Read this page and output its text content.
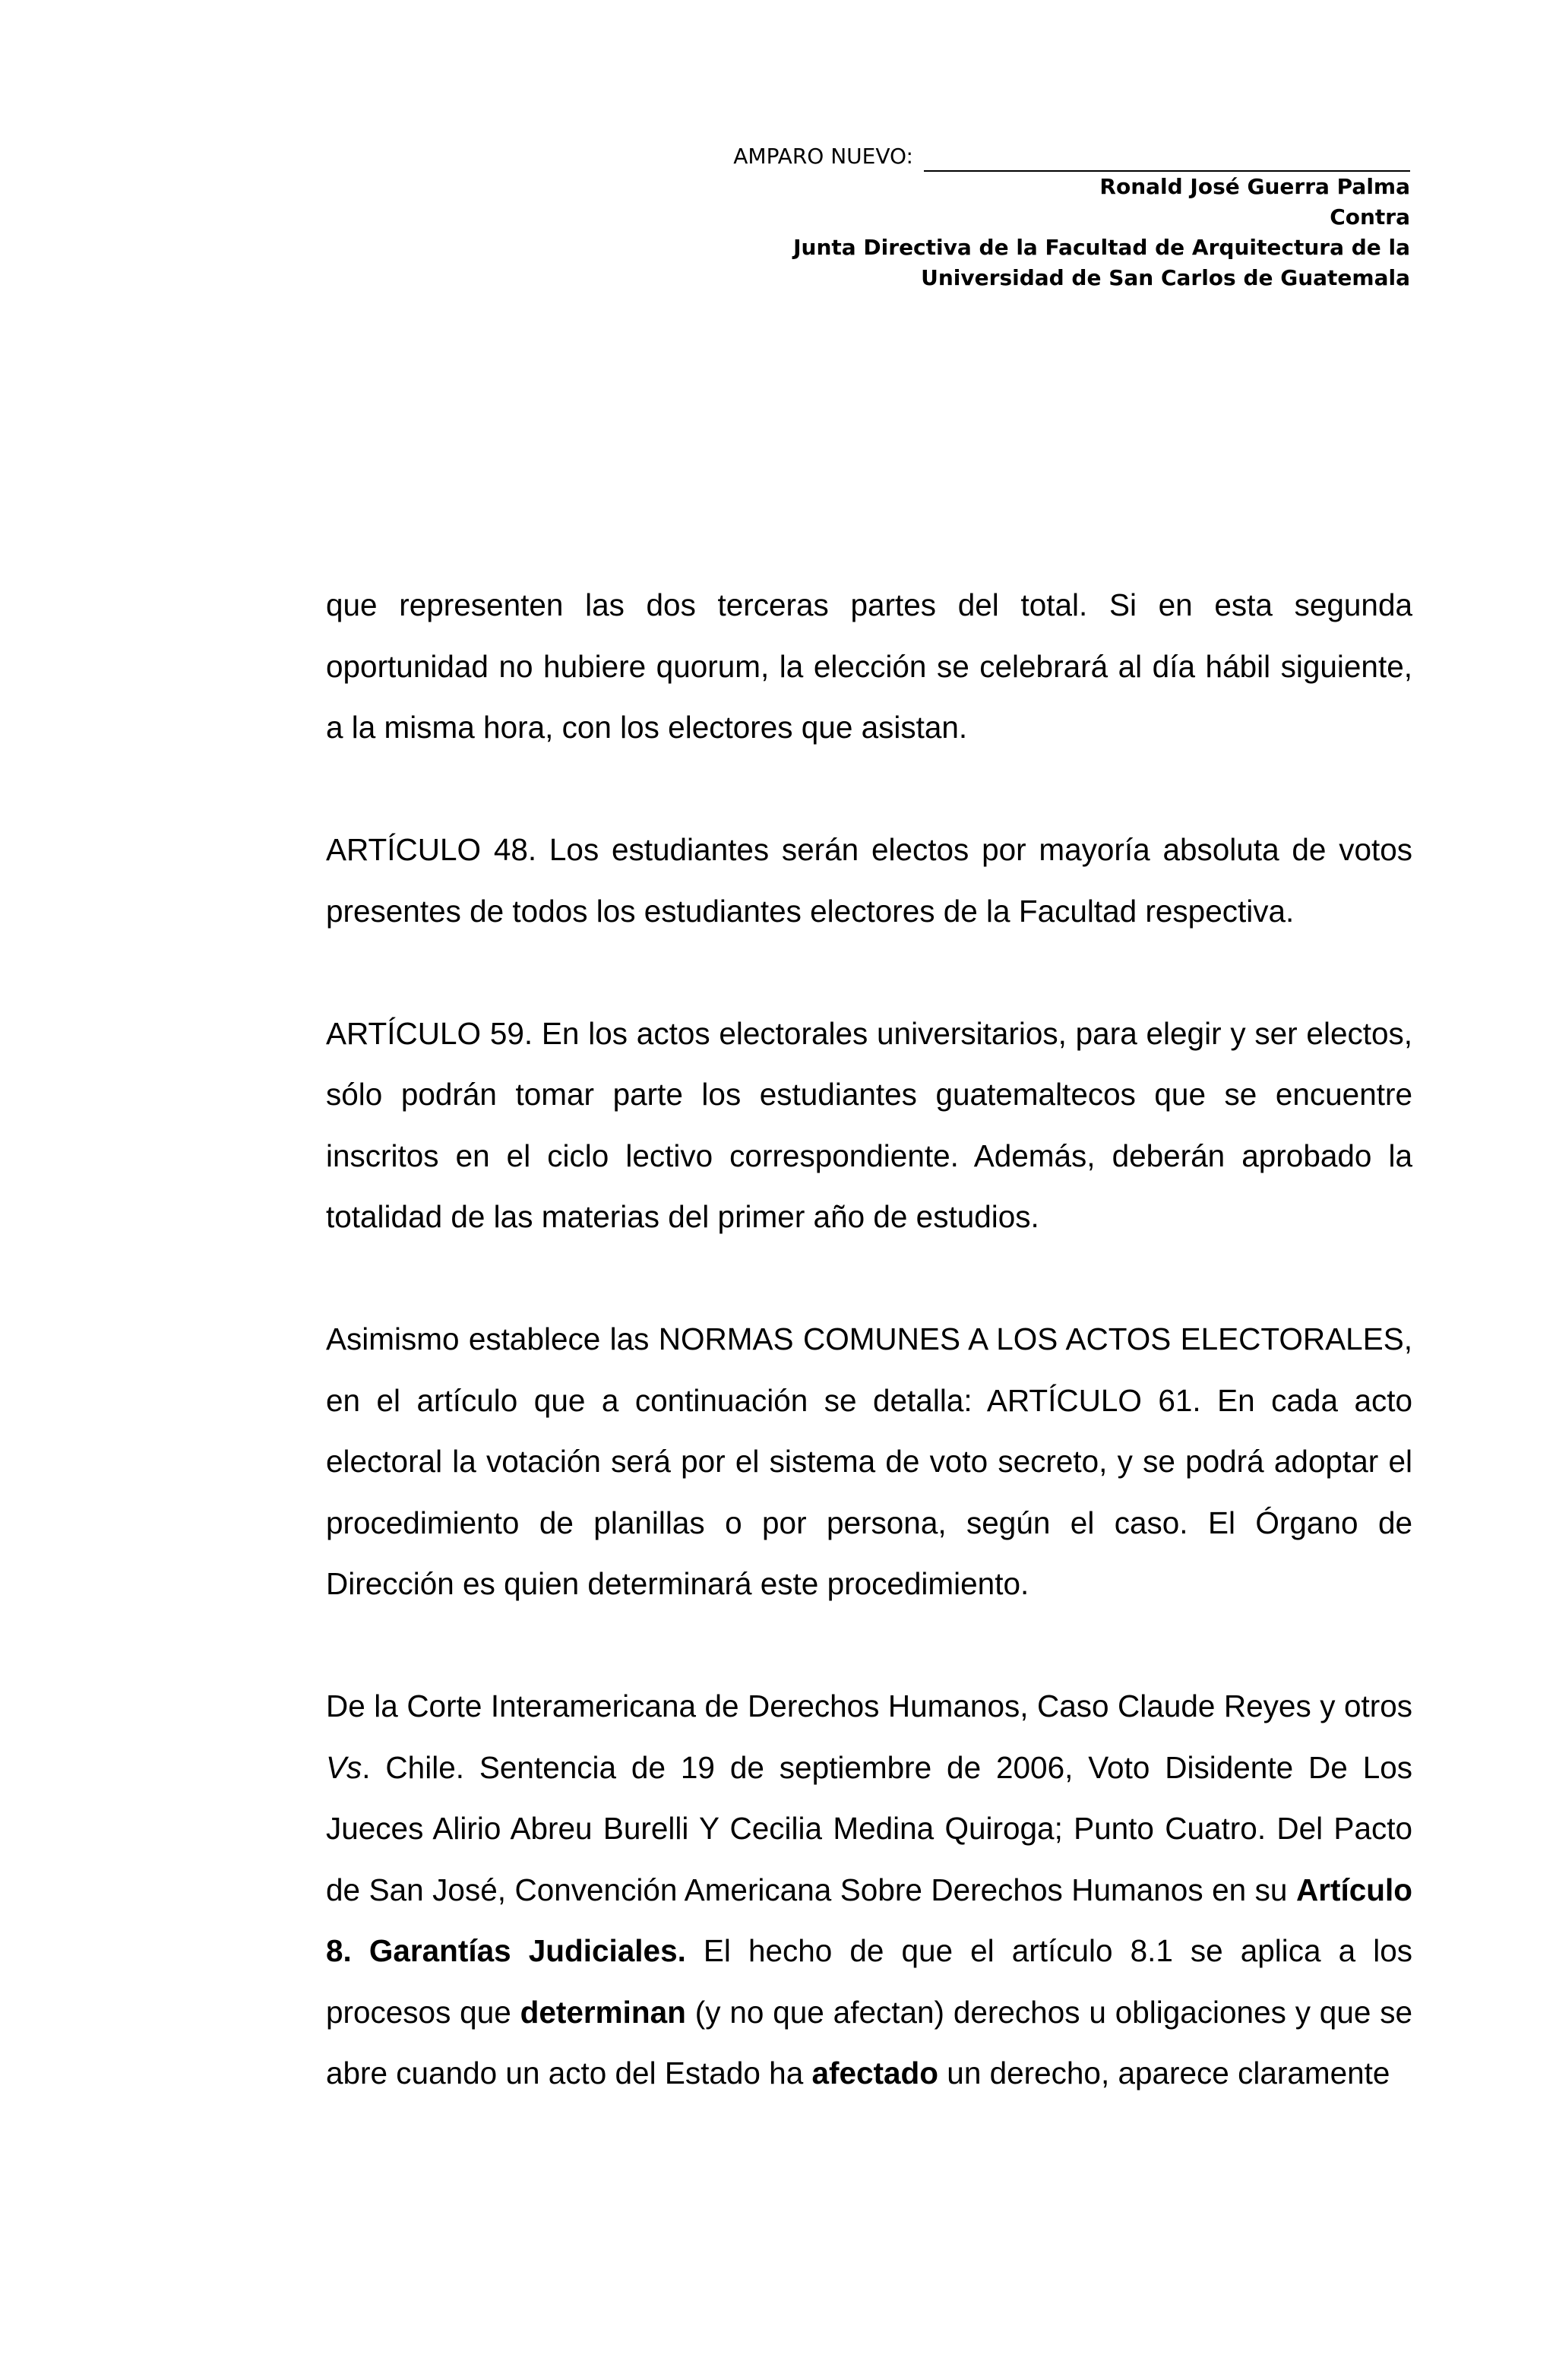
AMPARO NUEVO:
Ronald José Guerra Palma
Contra
Junta Directiva de la Facultad de Arquitectura de la
Universidad de San Carlos de Guatemala

que representen las dos terceras partes del total. Si en esta segunda oportunidad no hubiere quorum, la elección se celebrará al día hábil siguiente, a la misma hora, con los electores que asistan.

ARTÍCULO 48. Los estudiantes serán electos por mayoría absoluta de votos presentes de todos los estudiantes electores de la Facultad respectiva.

ARTÍCULO 59. En los actos electorales universitarios, para elegir y ser electos, sólo podrán tomar parte los estudiantes guatemaltecos que se encuentre inscritos en el ciclo lectivo correspondiente. Además, deberán aprobado la totalidad de las materias del primer año de estudios.

Asimismo establece las NORMAS COMUNES A LOS ACTOS ELECTORALES, en el artículo que a continuación se detalla: ARTÍCULO 61. En cada acto electoral la votación será por el sistema de voto secreto, y se podrá adoptar el procedimiento de planillas o por persona, según el caso. El Órgano de Dirección es quien determinará este procedimiento.

De la Corte Interamericana de Derechos Humanos, Caso Claude Reyes y otros Vs. Chile. Sentencia de 19 de septiembre de 2006, Voto Disidente De Los Jueces Alirio Abreu Burelli Y Cecilia Medina Quiroga; Punto Cuatro. Del Pacto de San José, Convención Americana Sobre Derechos Humanos en su Artículo 8. Garantías Judiciales. El hecho de que el artículo 8.1 se aplica a los procesos que determinan (y no que afectan) derechos u obligaciones y que se abre cuando un acto del Estado ha afectado un derecho, aparece claramente
